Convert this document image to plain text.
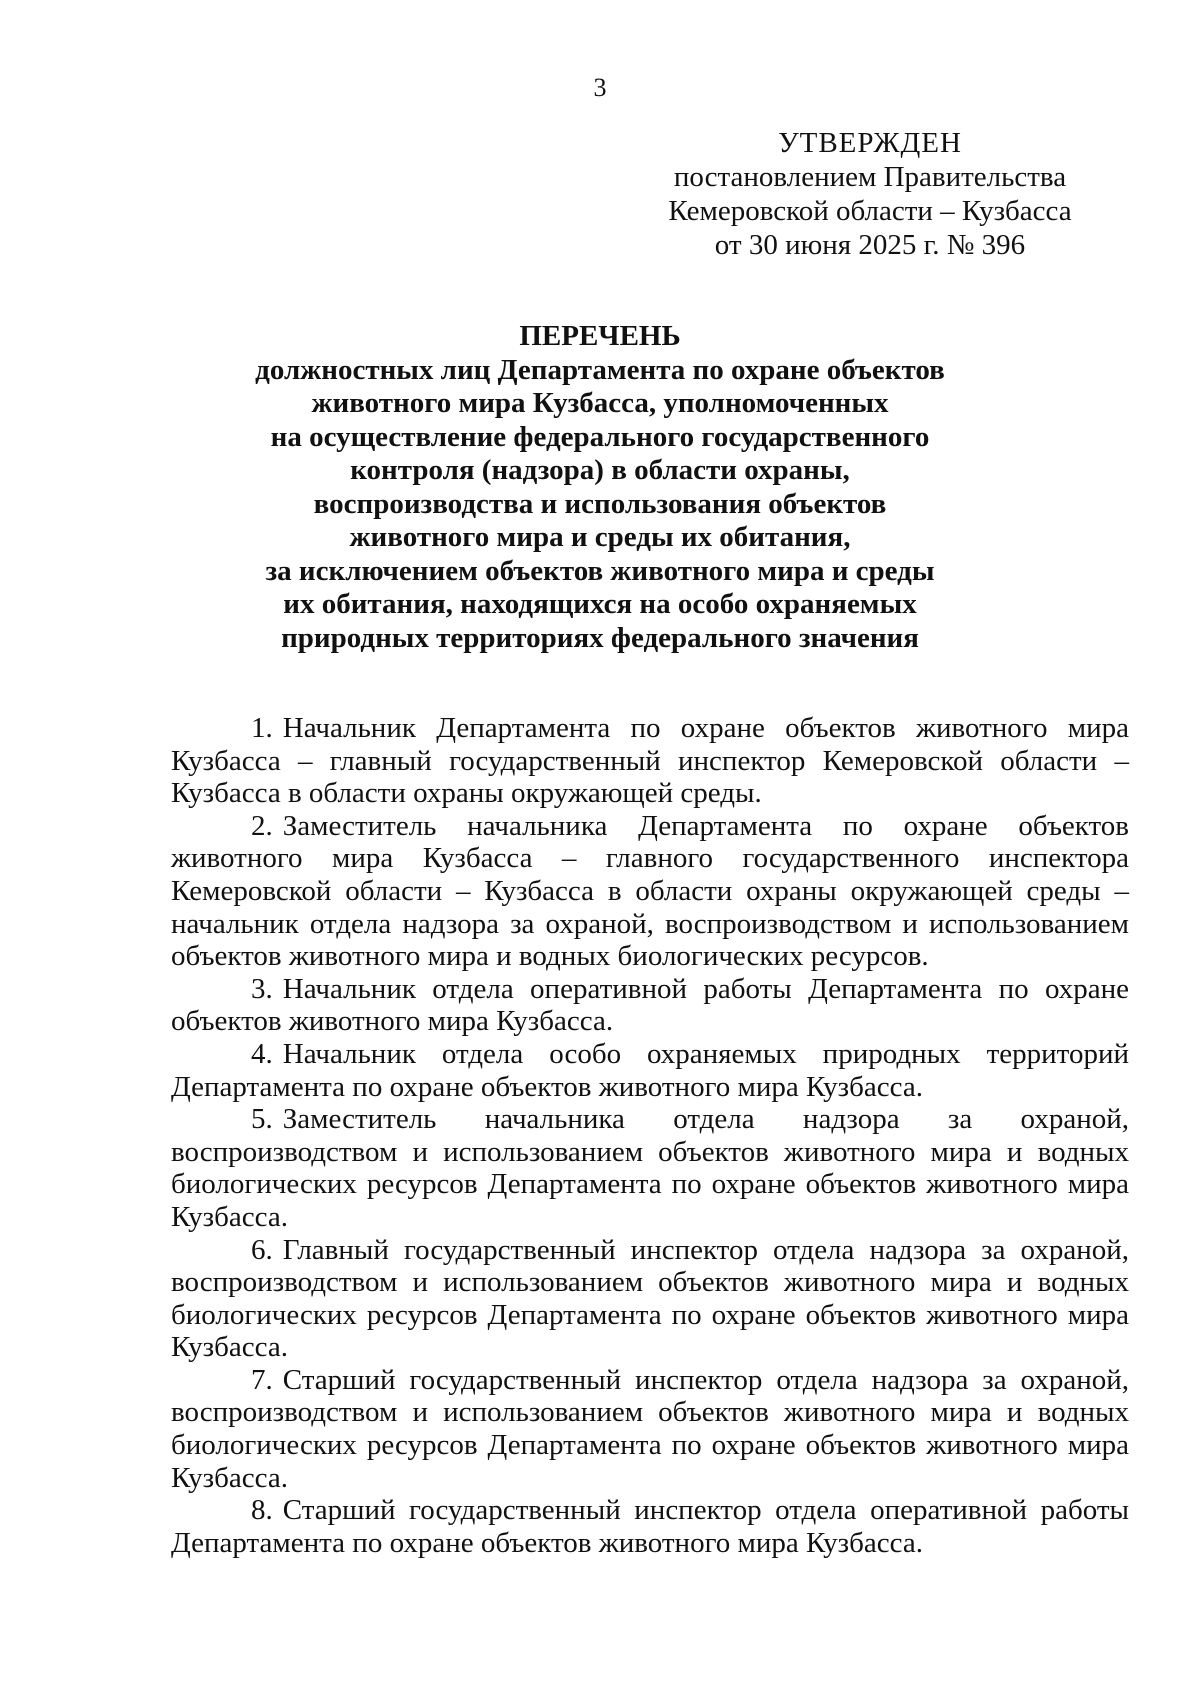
3
УТВЕРЖДЕН
постановлением Правительства
Кемеровской области – Кузбасса
от 30 июня 2025 г. № 396
ПЕРЕЧЕНЬ
должностных лиц Департамента по охране объектов
животного мира Кузбасса, уполномоченных
на осуществление федерального государственного
контроля (надзора) в области охраны,
воспроизводства и использования объектов
животного мира и среды их обитания,
за исключением объектов животного мира и среды
их обитания, находящихся на особо охраняемых
природных территориях федерального значения

1. Начальник Департамента по охране объектов животного мира Кузбасса – главный государственный инспектор Кемеровской области – Кузбасса в области охраны окружающей среды.

2. Заместитель начальника Департамента по охране объектов животного мира Кузбасса – главного государственного инспектора Кемеровской области – Кузбасса в области охраны окружающей среды – начальник отдела надзора за охраной, воспроизводством и использованием объектов животного мира и водных биологических ресурсов.

3. Начальник отдела оперативной работы Департамента по охране объектов животного мира Кузбасса.

4. Начальник отдела особо охраняемых природных территорий Департамента по охране объектов животного мира Кузбасса.

5. Заместитель начальника отдела надзора за охраной, воспроизводством и использованием объектов животного мира и водных биологических ресурсов Департамента по охране объектов животного мира Кузбасса.

6. Главный государственный инспектор отдела надзора за охраной, воспроизводством и использованием объектов животного мира и водных биологических ресурсов Департамента по охране объектов животного мира Кузбасса.

7. Старший государственный инспектор отдела надзора за охраной, воспроизводством и использованием объектов животного мира и водных биологических ресурсов Департамента по охране объектов животного мира Кузбасса.

8. Старший государственный инспектор отдела оперативной работы Департамента по охране объектов животного мира Кузбасса.
